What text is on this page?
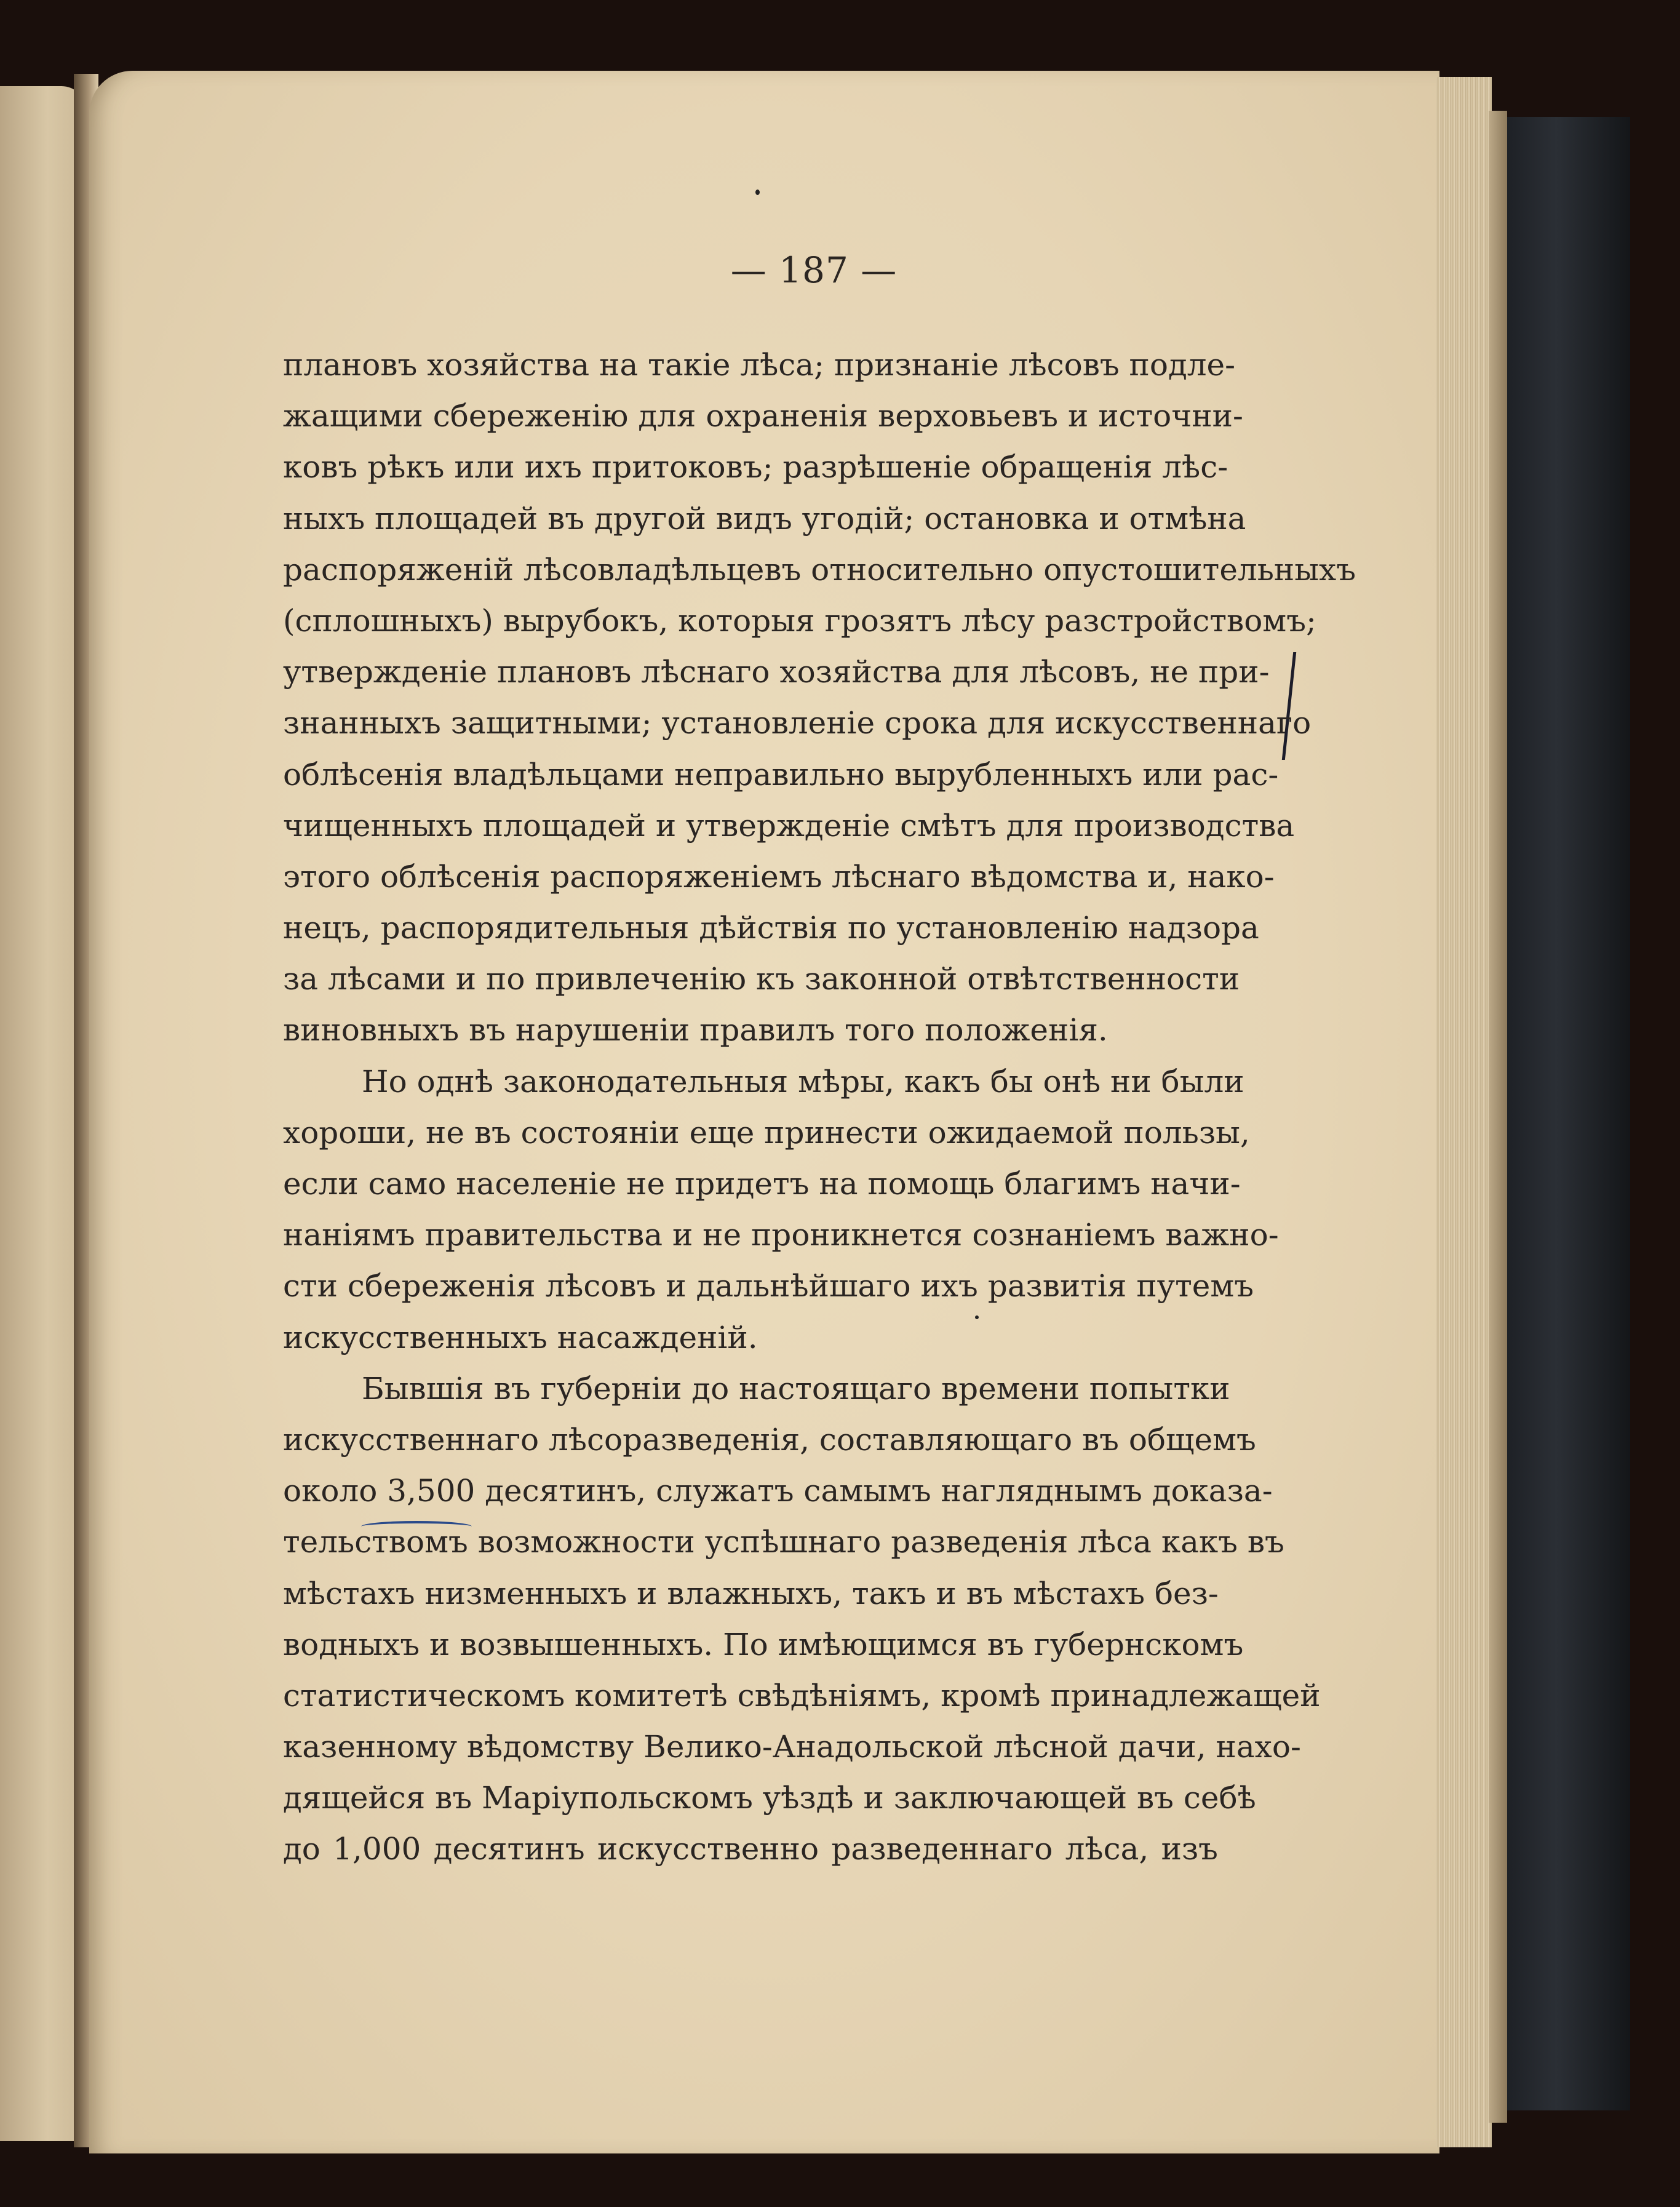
— 187 —
плановъ хозяйства на такіе лѣса; признаніе лѣсовъ подле-
жащими сбереженію для охраненія верховьевъ и источни-
ковъ рѣкъ или ихъ притоковъ; разрѣшеніе обращенія лѣс-
ныхъ площадей въ другой видъ угодій; остановка и отмѣна
распоряженій лѣсовладѣльцевъ относительно опустошительныхъ
(сплошныхъ) вырубокъ, которыя грозятъ лѣсу разстройствомъ;
утвержденіе плановъ лѣснаго хозяйства для лѣсовъ, не при-
знанныхъ защитными; установленіе срока для искусственнаго
облѣсенія владѣльцами неправильно вырубленныхъ или рас-
чищенныхъ площадей и утвержденіе смѣтъ для производства
этого облѣсенія распоряженіемъ лѣснаго вѣдомства и, нако-
нецъ, распорядительныя дѣйствія по установленію надзора
за лѣсами и по привлеченію къ законной отвѣтственности
виновныхъ въ нарушеніи правилъ того положенія.
Но однѣ законодательныя мѣры, какъ бы онѣ ни были
хороши, не въ состояніи еще принести ожидаемой пользы,
если само населеніе не придетъ на помощь благимъ начи-
наніямъ правительства и не проникнется сознаніемъ важно-
сти сбереженія лѣсовъ и дальнѣйшаго ихъ развитія путемъ
искусственныхъ насажденій.
Бывшія въ губерніи до настоящаго времени попытки
искусственнаго лѣсоразведенія, составляющаго въ общемъ
около 3,500 десятинъ, служатъ самымъ нагляднымъ доказа-
тельствомъ возможности успѣшнаго разведенія лѣса какъ въ
мѣстахъ низменныхъ и влажныхъ, такъ и въ мѣстахъ без-
водныхъ и возвышенныхъ. По имѣющимся въ губернскомъ
статистическомъ комитетѣ свѣдѣніямъ, кромѣ принадлежащей
казенному вѣдомству Велико-Анадольской лѣсной дачи, нахо-
дящейся въ Маріупольскомъ уѣздѣ и заключающей въ себѣ
до 1,000 десятинъ искусственно разведеннаго лѣса, изъ
